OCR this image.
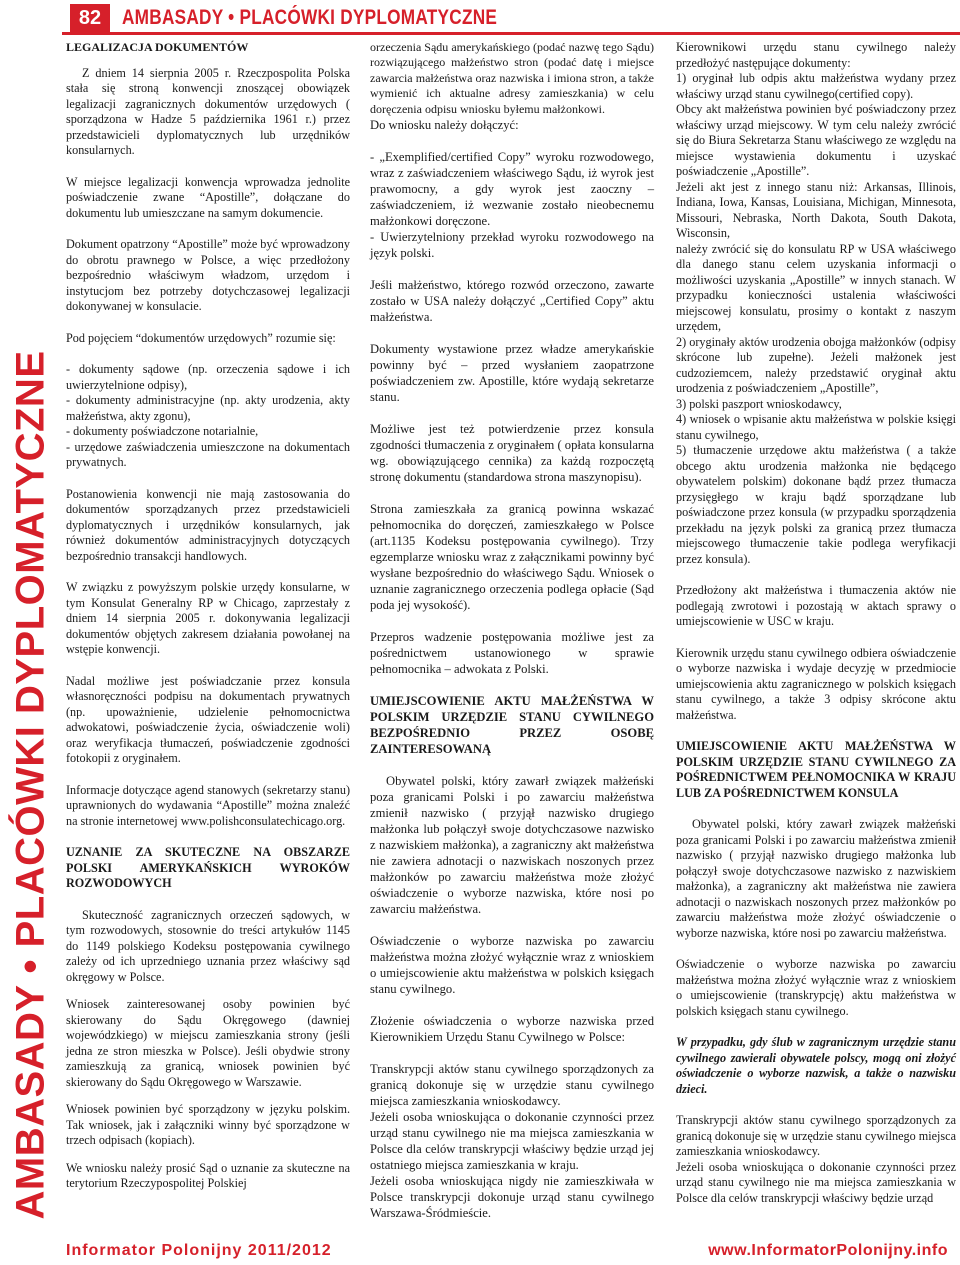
82 AMBASADY • PLACÓWKI DYPLOMATYCZNE
AMBASADY • PLACÓWKI DYPLOMATYCZNE
LEGALIZACJA DOKUMENTÓW

Z dniem 14 sierpnia 2005 r. Rzeczpospolita Polska stała się stroną konwencji znoszącej obowiązek legalizacji zagranicznych dokumentów urzędowych ( sporządzona w Hadze 5 października 1961 r.) przez przedstawicieli dyplomatycznych lub urzędników konsularnych.

W miejsce legalizacji konwencja wprowadza jednolite poświadczenie zwane “Apostille”, dołączane do dokumentu lub umieszczane na samym dokumencie.

Dokument opatrzony “Apostille” może być wprowadzony do obrotu prawnego w Polsce, a więc przedłożony bezpośrednio właściwym władzom, urzędom i instytucjom bez potrzeby dotychczasowej legalizacji dokonywanej w konsulacie.

Pod pojęciem “dokumentów urzędowych” rozumie się:

- dokumenty sądowe (np. orzeczenia sądowe i ich uwierzytelnione odpisy),

- dokumenty administracyjne (np. akty urodzenia, akty małżeństwa, akty zgonu),

- dokumenty poświadczone notarialnie,

- urzędowe zaświadczenia umieszczone na dokumentach prywatnych.

Postanowienia konwencji nie mają zastosowania do dokumentów sporządzanych przez przedstawicieli dyplomatycznych i urzędników konsularnych, jak również dokumentów administracyjnych dotyczących bezpośrednio transakcji handlowych.

W związku z powyższym polskie urzędy konsularne, w tym Konsulat Generalny RP w Chicago, zaprzestały z dniem 14 sierpnia 2005 r. dokonywania legalizacji dokumentów objętych zakresem działania powołanej na wstępie konwencji.

Nadal możliwe jest poświadczanie przez konsula własnoręczności podpisu na dokumentach prywatnych (np. upoważnienie, udzielenie pełnomocnictwa adwokatowi, poświadczenie życia, oświadczenie woli) oraz weryfikacja tłumaczeń, poświadczenie zgodności fotokopii z oryginałem.

Informacje dotyczące agend stanowych (sekretarzy stanu) uprawnionych do wydawania “Apostille” można znaleźć na stronie internetowej www.polishconsulatechicago.org.

UZNANIE ZA SKUTECZNE NA OBSZARZE POLSKI AMERYKAŃSKICH WYROKÓW ROZWODOWYCH

Skuteczność zagranicznych orzeczeń sądowych, w tym rozwodowych, stosownie do treści artykułów 1145 do 1149 polskiego Kodeksu postępowania cywilnego zależy od ich uprzedniego uznania przez właściwy sąd okręgowy w Polsce.

Wniosek zainteresowanej osoby powinien być skierowany do Sądu Okręgowego (dawniej wojewódzkiego) w miejscu zamieszkania strony (jeśli jedna ze stron mieszka w Polsce). Jeśli obydwie strony zamieszkują za granicą, wniosek powinien być skierowany do Sądu Okręgowego w Warszawie.

Wniosek powinien być sporządzony w języku polskim. Tak wniosek, jak i załączniki winny być sporządzone w trzech odpisach (kopiach).

We wniosku należy prosić Sąd o uznanie za skuteczne na terytorium Rzeczypospolitej Polskiej

orzeczenia Sądu amerykańskiego (podać nazwę tego Sądu) rozwiązującego małżeństwo stron (podać datę i miejsce zawarcia małżeństwa oraz nazwiska i imiona stron, a także wymienić ich aktualne adresy zamieszkania) w celu doręczenia odpisu wniosku byłemu małżonkowi.

Do wniosku należy dołączyć:

- „Exemplified/certified Copy” wyroku rozwodowego, wraz z zaświadczeniem właściwego Sądu, iż wyrok jest prawomocny, a gdy wyrok jest zaoczny – zaświadczeniem, iż wezwanie zostało nieobecnemu małżonkowi doręczone.

- Uwierzytelniony przekład wyroku rozwodowego na język polski.

Jeśli małżeństwo, którego rozwód orzeczono, zawarte zostało w USA należy dołączyć „Certified Copy” aktu małżeństwa.

Dokumenty wystawione przez władze amerykańskie powinny być – przed wysłaniem zaopatrzone poświadczeniem zw. Apostille, które wydają sekretarze stanu.

Możliwe jest też potwierdzenie przez konsula zgodności tłumaczenia z oryginałem ( opłata konsularna wg. obowiązującego cennika) za każdą rozpoczętą stronę dokumentu (standardowa strona maszynopisu).

Strona zamieszkała za granicą powinna wskazać pełnomocnika do doręczeń, zamieszkałego w Polsce (art.1135 Kodeksu postępowania cywilnego). Trzy egzemplarze wniosku wraz z załącznikami powinny być wysłane bezpośrednio do właściwego Sądu. Wniosek o uznanie zagranicznego orzeczenia podlega opłacie (Sąd poda jej wysokość).

Przepros wadzenie postępowania możliwe jest za pośrednictwem ustanowionego w sprawie pełnomocnika – adwokata z Polski.

UMIEJSCOWIENIE AKTU MAŁŻEŃSTWA W POLSKIM URZĘDZIE STANU CYWILNEGO BEZPOŚREDNIO PRZEZ OSOBĘ ZAINTERESOWANĄ

Obywatel polski, który zawarł związek małżeński poza granicami Polski i po zawarciu małżeństwa zmienił nazwisko ( przyjął nazwisko drugiego małżonka lub połączył swoje dotychczasowe nazwisko z nazwiskiem małżonka), a zagraniczny akt małżeństwa nie zawiera adnotacji o nazwiskach noszonych przez małżonków po zawarciu małżeństwa może złożyć oświadczenie o wyborze nazwiska, które nosi po zawarciu małżeństwa.

Oświadczenie o wyborze nazwiska po zawarciu małżeństwa można złożyć wyłącznie wraz z wnioskiem o umiejscowienie aktu małżeństwa w polskich księgach stanu cywilnego.

Złożenie oświadczenia o wyborze nazwiska przed Kierownikiem Urzędu Stanu Cywilnego w Polsce:

Transkrypcji aktów stanu cywilnego sporządzonych za granicą dokonuje się w urzędzie stanu cywilnego miejsca zamieszkania wnioskodawcy.

Jeżeli osoba wnioskująca o dokonanie czynności przez urząd stanu cywilnego nie ma miejsca zamieszkania w Polsce dla celów transkrypcji właściwy będzie urząd jej ostatniego miejsca zamieszkania w kraju.

Jeżeli osoba wnioskująca nigdy nie zamieszkiwała w Polsce transkrypcji dokonuje urząd stanu cywilnego Warszawa-Śródmieście.

Kierownikowi urzędu stanu cywilnego należy przedłożyć następujące dokumenty:

1) oryginał lub odpis aktu małżeństwa wydany przez właściwy urząd stanu cywilnego(certified copy).

Obcy akt małżeństwa powinien być poświadczony przez właściwy urząd miejscowy. W tym celu należy zwrócić się do Biura Sekretarza Stanu właściwego ze względu na miejsce wystawienia dokumentu i uzyskać poświadczenie „Apostille”.

Jeżeli akt jest z innego stanu niż: Arkansas, Illinois, Indiana, Iowa, Kansas, Louisiana, Michigan, Minnesota, Missouri, Nebraska, North Dakota, South Dakota, Wisconsin,

należy zwrócić się do konsulatu RP w USA właściwego dla danego stanu celem uzyskania informacji o możliwości uzyskania „Apostille” w innych stanach. W przypadku konieczności ustalenia właściwości miejscowej konsulatu, prosimy o kontakt z naszym urzędem,

2) oryginały aktów urodzenia obojga małżonków (odpisy skrócone lub zupełne). Jeżeli małżonek jest cudzoziemcem, należy przedstawić oryginał aktu urodzenia z poświadczeniem „Apostille”,

3) polski paszport wnioskodawcy,

4) wniosek o wpisanie aktu małżeństwa w polskie księgi stanu cywilnego,

5) tłumaczenie urzędowe aktu małżeństwa ( a także obcego aktu urodzenia małżonka nie będącego obywatelem polskim) dokonane bądź przez tłumacza przysięgłego w kraju bądź sporządzane lub poświadczone przez konsula (w przypadku sporządzenia przekładu na język polski za granicą przez tłumacza miejscowego tłumaczenie takie podlega weryfikacji przez konsula).

Przedłożony akt małżeństwa i tłumaczenia aktów nie podlegają zwrotowi i pozostają w aktach sprawy o umiejscowienie w USC w kraju.

Kierownik urzędu stanu cywilnego odbiera oświadczenie o wyborze nazwiska i wydaje decyzję w przedmiocie umiejscowienia aktu zagranicznego w polskich księgach stanu cywilnego, a także 3 odpisy skrócone aktu małżeństwa.

UMIEJSCOWIENIE AKTU MAŁŻEŃSTWA W POLSKIM URZĘDZIE STANU CYWILNEGO ZA POŚREDNICTWEM PEŁNOMOCNIKA W KRAJU LUB ZA POŚREDNICTWEM KONSULA

Obywatel polski, który zawarł związek małżeński poza granicami Polski i po zawarciu małżeństwa zmienił nazwisko ( przyjął nazwisko drugiego małżonka lub połączył swoje dotychczasowe nazwisko z nazwiskiem małżonka), a zagraniczny akt małżeństwa nie zawiera adnotacji o nazwiskach noszonych przez małżonków po zawarciu małżeństwa może złożyć oświadczenie o wyborze nazwiska, które nosi po zawarciu małżeństwa.

Oświadczenie o wyborze nazwiska po zawarciu małżeństwa można złożyć wyłącznie wraz z wnioskiem o umiejscowienie (transkrypcję) aktu małżeństwa w polskich księgach stanu cywilnego.

W przypadku, gdy ślub w zagranicznym urzędzie stanu cywilnego zawierali obywatele polscy, mogą oni złożyć oświadczenie o wyborze nazwisk, a także o nazwisku dzieci.

Transkrypcji aktów stanu cywilnego sporządzonych za granicą dokonuje się w urzędzie stanu cywilnego miejsca zamieszkania wnioskodawcy.

Jeżeli osoba wnioskująca o dokonanie czynności przez urząd stanu cywilnego nie ma miejsca zamieszkania w Polsce dla celów transkrypcji właściwy będzie urząd

Informator Polonijny 2011/2012	www.InformatorPolonijny.info
